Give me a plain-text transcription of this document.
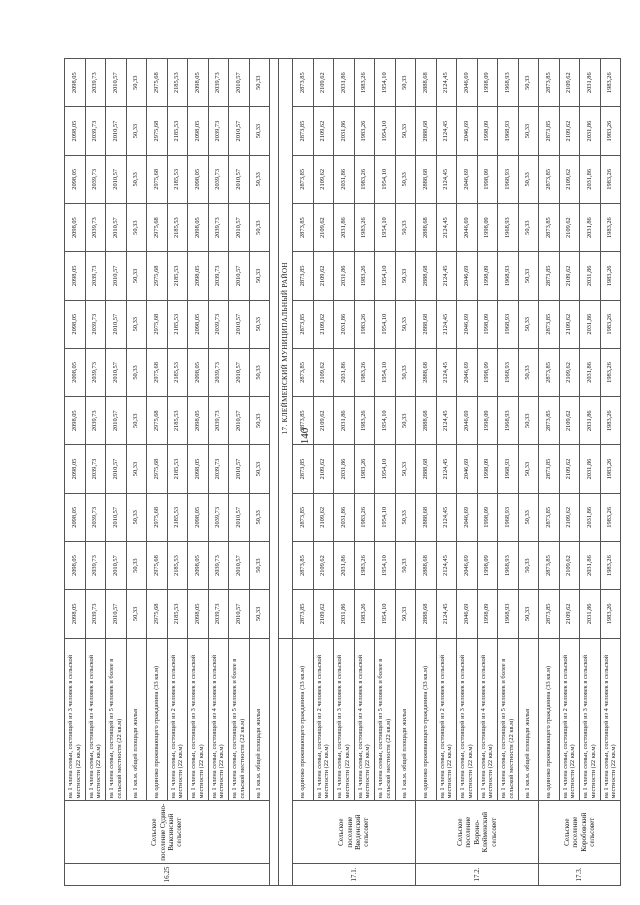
140
16.25	Сельское поселение Судино-Выксинский сельсовет	на 1 члена семьи, состоящей из 3 человек в сельской местности (22 кв.м)	2098,05	2098,05	2098,05	2098,05	2098,05	2098,05	2098,05	2098,05	2098,05	2098,05	2098,05	2098,05
		на 1 члена семьи, состоящей из 4 человек в сельской местности (22 кв.м)	2039,73	2039,73	2039,73	2039,73	2039,73	2039,73	2039,73	2039,73	2039,73	2039,73	2039,73	2039,73
		на 1 члена семьи, состоящей из 5 человек и более в сельской местности (22 кв.м)	2010,57	2010,57	2010,57	2010,57	2010,57	2010,57	2010,57	2010,57	2010,57	2010,57	2010,57	2010,57
		на 1 кв.м. общей площади жилья	50,33	50,33	50,33	50,33	50,33	50,33	50,33	50,33	50,33	50,33	50,33	50,33
		на одиноко проживающего гражданина (33 кв.м)	2975,68	2975,68	2975,68	2975,68	2975,68	2975,68	2975,68	2975,68	2975,68	2975,68	2975,68	2975,68
		на 1 члена семьи, состоящей из 2 человек в сельской местности (22 кв.м)	2185,53	2185,53	2185,53	2185,53	2185,53	2185,53	2185,53	2185,53	2185,53	2185,53	2185,53	2185,53
		на 1 члена семьи, состоящей из 3 человек в сельской местности (22 кв.м)	2098,05	2098,05	2098,05	2098,05	2098,05	2098,05	2098,05	2098,05	2098,05	2098,05	2098,05	2098,05
		на 1 члена семьи, состоящей из 4 человек в сельской местности (22 кв.м)	2039,73	2039,73	2039,73	2039,73	2039,73	2039,73	2039,73	2039,73	2039,73	2039,73	2039,73	2039,73
		на 1 члена семьи, состоящей из 5 человек и более в сельской местности (22 кв.м)	2010,57	2010,57	2010,57	2010,57	2010,57	2010,57	2010,57	2010,57	2010,57	2010,57	2010,57	2010,57
		на 1 кв.м. общей площади жилья	50,33	50,33	50,33	50,33	50,33	50,33	50,33	50,33	50,33	50,33	50,33	50,33

			17. КЛЕЙМЕНСКИЙ МУНИЦИПАЛЬНЫЙ РАЙОН											
17.1.	Сельское поселение Введенский сельсовет	на одиноко проживающего гражданина (33 кв.м)	2873,85	2873,85	2873,85	2873,85	2873,85	2873,85	2873,85	2873,85	2873,85	2873,85	2873,85	2873,85
		на 1 члена семьи, состоящей из 2 человек в сельской местности (22 кв.м)	2109,62	2109,62	2109,62	2109,62	2109,62	2109,62	2109,62	2109,62	2109,62	2109,62	2109,62	2109,62
		на 1 члена семьи, состоящей из 3 человек в сельской местности (22 кв.м)	2031,86	2031,86	2031,86	2031,86	2031,86	2031,86	2031,86	2031,86	2031,86	2031,86	2031,86	2031,86
		на 1 члена семьи, состоящей из 4 человек в сельской местности (22 кв.м)	1983,26	1983,26	1983,26	1983,26	1983,26	1983,26	1983,26	1983,26	1983,26	1983,26	1983,26	1983,26
		на 1 члена семьи, состоящей из 5 человек и более в сельской местности (22 кв.м)	1954,10	1954,10	1954,10	1954,10	1954,10	1954,10	1954,10	1954,10	1954,10	1954,10	1954,10	1954,10
		на 1 кв.м. общей площади жилья	50,33	50,33	50,33	50,33	50,33	50,33	50,33	50,33	50,33	50,33	50,33	50,33
17.2.	Сельское поселение Вороно-Клейменский сельсовет	на одиноко проживающего гражданина (33 кв.м)	2888,68	2888,68	2888,68	2888,68	2888,68	2888,68	2888,68	2888,68	2888,68	2888,68	2888,68	2888,68
		на 1 члена семьи, состоящей из 2 человек в сельской местности (22 кв.м)	2124,45	2124,45	2124,45	2124,45	2124,45	2124,45	2124,45	2124,45	2124,45	2124,45	2124,45	2124,45
		на 1 члена семьи, состоящей из 3 человек в сельской местности (22 кв.м)	2046,69	2046,69	2046,69	2046,69	2046,69	2046,69	2046,69	2046,69	2046,69	2046,69	2046,69	2046,69
		на 1 члена семьи, состоящей из 4 человек в сельской местности (22 кв.м)	1998,09	1998,09	1998,09	1998,09	1998,09	1998,09	1998,09	1998,09	1998,09	1998,09	1998,09	1998,09
		на 1 члена семьи, состоящей из 5 человек и более в сельской местности (22 кв.м)	1968,93	1968,93	1968,93	1968,93	1968,93	1968,93	1968,93	1968,93	1968,93	1968,93	1968,93	1968,93
		на 1 кв.м. общей площади жилья	50,33	50,33	50,33	50,33	50,33	50,33	50,33	50,33	50,33	50,33	50,33	50,33
17.3.	Сельское поселение Коробовский сельсовет	на одиноко проживающего гражданина (33 кв.м)	2873,85	2873,85	2873,85	2873,85	2873,85	2873,85	2873,85	2873,85	2873,85	2873,85	2873,85	2873,85
		на 1 члена семьи, состоящей из 2 человек в сельской местности (22 кв.м)	2109,62	2109,62	2109,62	2109,62	2109,62	2109,62	2109,62	2109,62	2109,62	2109,62	2109,62	2109,62
		на 1 члена семьи, состоящей из 3 человек в сельской местности (22 кв.м)	2031,86	2031,86	2031,86	2031,86	2031,86	2031,86	2031,86	2031,86	2031,86	2031,86	2031,86	2031,86
		на 1 члена семьи, состоящей из 4 человек в сельской местности (22 кв.м)	1983,26	1983,26	1983,26	1983,26	1983,26	1983,26	1983,26	1983,26	1983,26	1983,26	1983,26	1983,26
